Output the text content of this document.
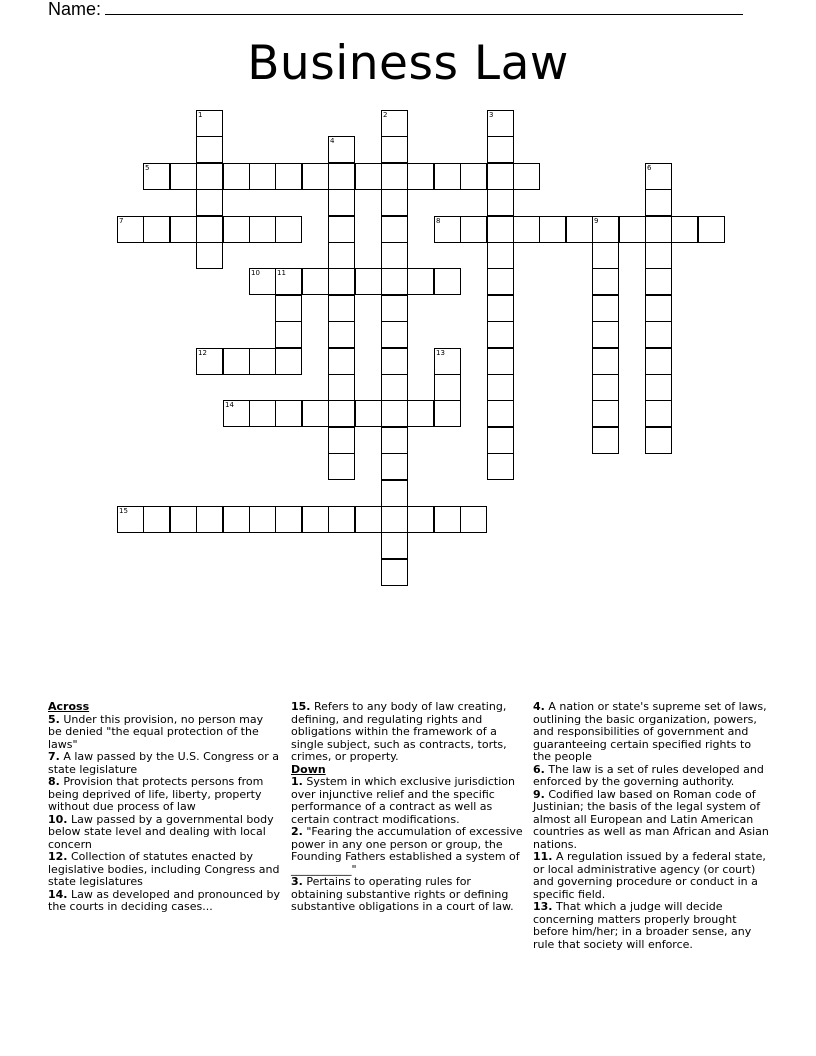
Name:
Business Law
1	2	3
4
5	6
7	8	9
10 11
12	13
14
15
Across
5. Under this provision, no person may be denied "the equal protection of the laws"
7. A law passed by the U.S. Congress or a state legislature
8. Provision that protects persons from being deprived of life, liberty, property without due process of law
10. Law passed by a governmental body below state level and dealing with local concern
12. Collection of statutes enacted by legislative bodies, including Congress and state legislatures
14. Law as developed and pronounced by the courts in deciding cases...
15. Refers to any body of law creating, defining, and regulating rights and obligations within the framework of a single subject, such as contracts, torts, crimes, or property.
Down
1. System in which exclusive jurisdiction over injunctive relief and the specific performance of a contract as well as certain contract modifications.
2. "Fearing the accumulation of excessive power in any one person or group, the Founding Fathers established a system of ___________"
3. Pertains to operating rules for obtaining substantive rights or defining substantive obligations in a court of law.
4. A nation or state's supreme set of laws, outlining the basic organization, powers, and responsibilities of government and guaranteeing certain specified rights to the people
6. The law is a set of rules developed and enforced by the governing authority.
9. Codified law based on Roman code of Justinian; the basis of the legal system of almost all European and Latin American countries as well as man African and Asian nations.
11. A regulation issued by a federal state, or local administrative agency (or court) and governing procedure or conduct in a specific field.
13. That which a judge will decide concerning matters properly brought before him/her; in a broader sense, any rule that society will enforce.
